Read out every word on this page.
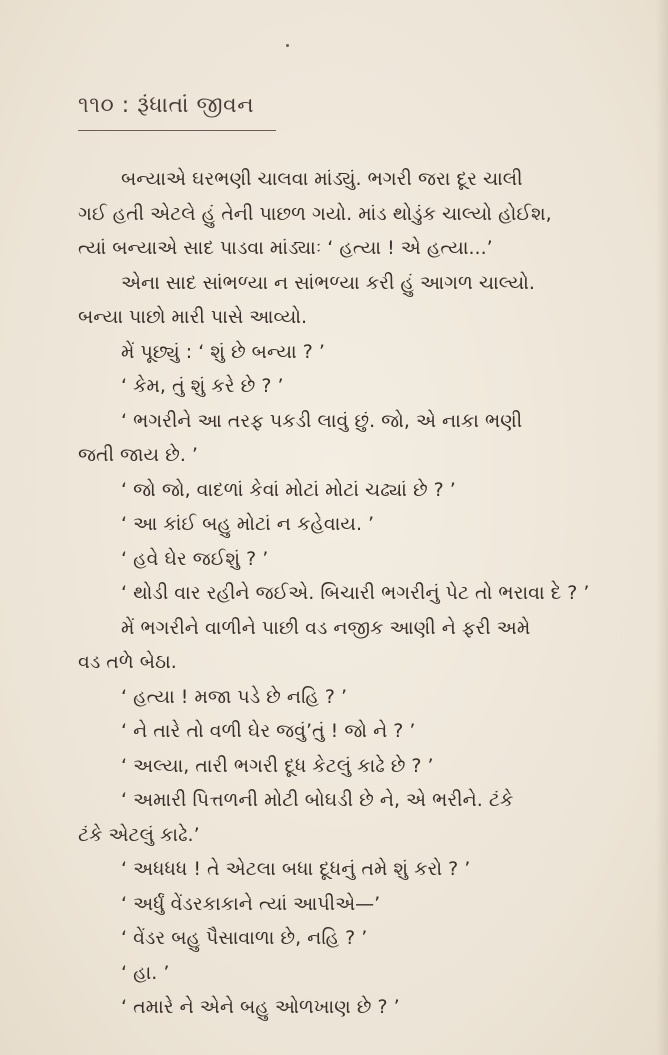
૧૧૦ : રૂંધાતાં જીવન

બન્યાએ ઘરભણી ચાલવા માંડ્યું. ભગરી જરા દૂર ચાલી

ગઈ હતી એટલે હું તેની પાછળ ગયો. માંડ થોડુંક ચાલ્યો હોઈશ,

ત્યાં બન્યાએ સાદ પાડવા માંડ્યાઃ ‘ હત્યા ! એ હત્યા...’

એના સાદ સાંભળ્યા ન સાંભળ્યા કરી હું આગળ ચાલ્યો.

બન્યા પાછો મારી પાસે આવ્યો.

મેં પૂછ્યું : ‘ શું છે બન્યા ? ’

‘ કેમ, તું શું કરે છે ? ’

‘ ભગરીને આ તરફ પકડી લાવું છું. જો, એ નાકા ભણી

જતી જાય છે. ’

‘ જો જો, વાદળાં કેવાં મોટાં મોટાં ચઢ્યાં છે ? ’

‘ આ કાંઈ બહુ મોટાં ન કહેવાય. ’

‘ હવે ઘેર જઈશું ? ’

‘ થોડી વાર રહીને જઈએ. બિચારી ભગરીનું પેટ તો ભરાવા દે ? ’

મેં ભગરીને વાળીને પાછી વડ નજીક આણી ને ફરી અમે

વડ તળે બેઠા.

‘ હત્યા ! મજા પડે છે નહિ ? ’

‘ ને તારે તો વળી ઘેર જવું’તું ! જો ને ? ’

‘ અલ્યા, તારી ભગરી દૂધ કેટલું કાઢે છે ? ’

‘ અમારી પિત્તળની મોટી બોઘડી છે ને, એ ભરીને. ટંકે

ટંકે એટલું કાઢે.’

‘ અધધધ ! તે એટલા બધા દૂધનું તમે શું કરો ? ’

‘ અર્ધું વેંડરકાકાને ત્યાં આપીએ—’

‘ વેંડર બહુ પૈસાવાળા છે, નહિ ? ’

‘ હા. ’

‘ તમારે ને એને બહુ ઓળખાણ છે ? ’
